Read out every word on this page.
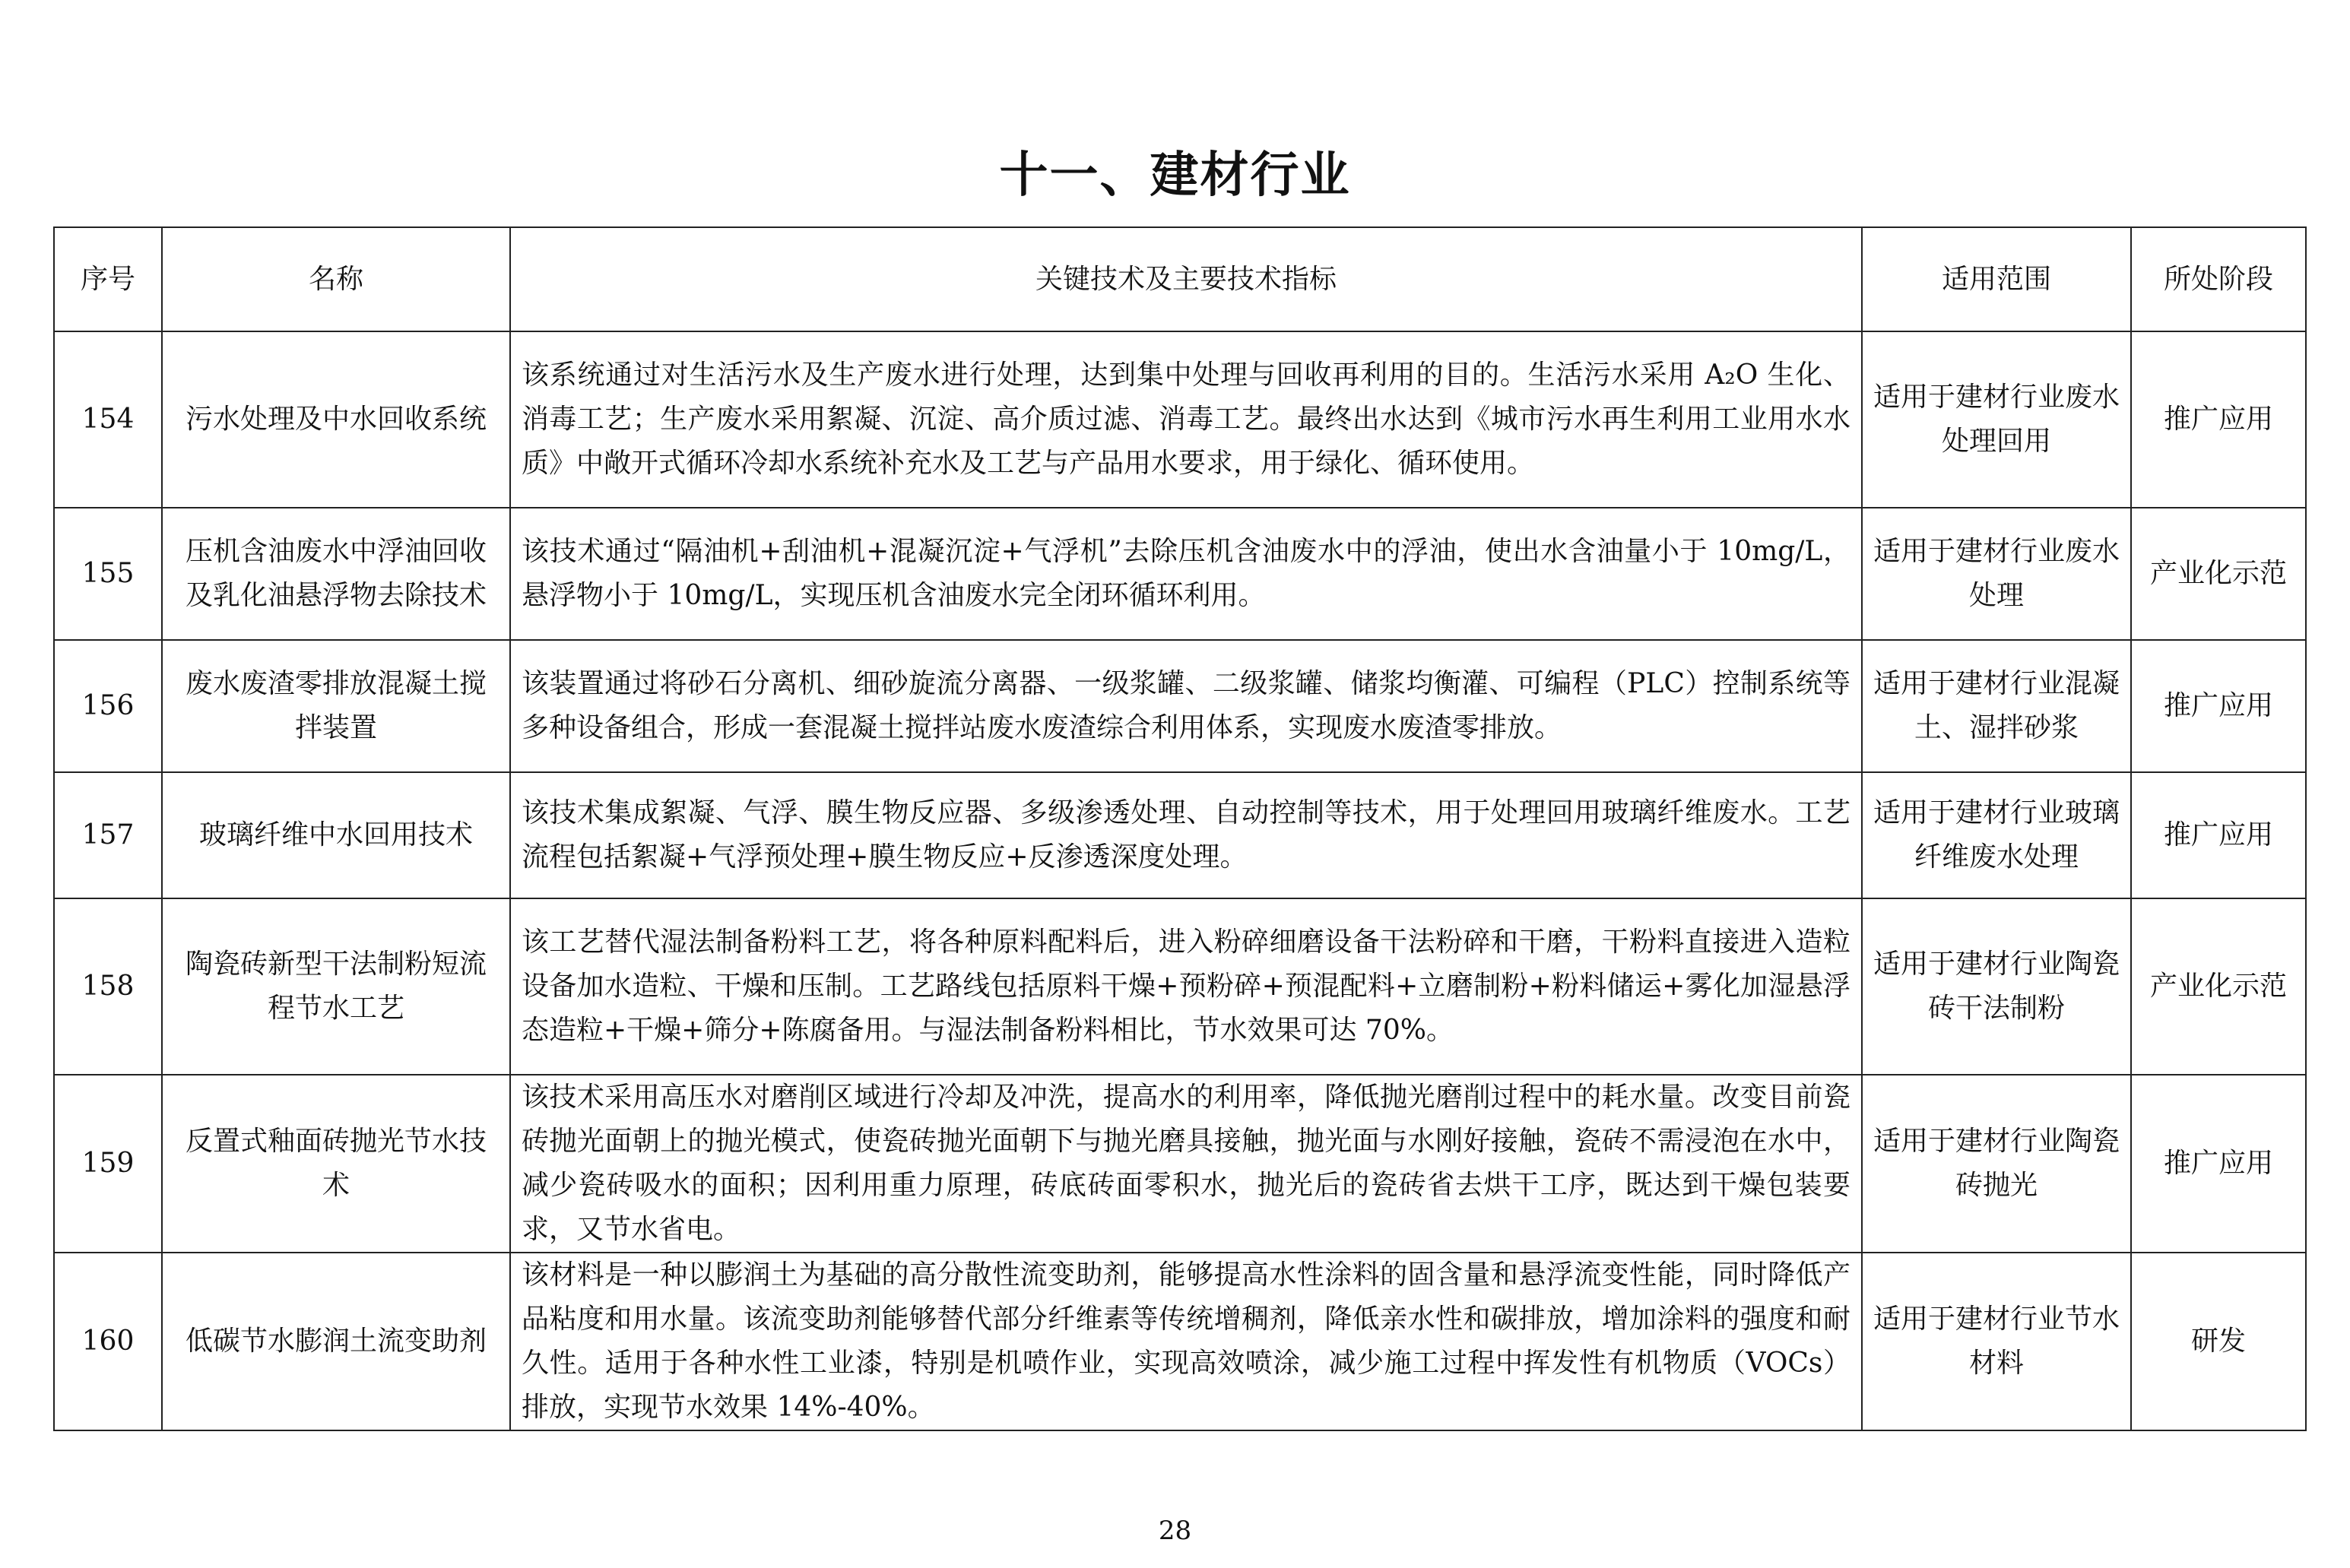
十一、建材行业
序号	名称	关键技术及主要技术指标	适用范围	所处阶段
154	污水处理及中水回收系统	该系统通过对生活污水及生产废水进行处理，达到集中处理与回收再利用的目的。生活污水采用 A₂O 生化、消毒工艺；生产废水采用絮凝、沉淀、高介质过滤、消毒工艺。最终出水达到《城市污水再生利用工业用水水质》中敞开式循环冷却水系统补充水及工艺与产品用水要求，用于绿化、循环使用。	适用于建材行业废水处理回用	推广应用
155	压机含油废水中浮油回收及乳化油悬浮物去除技术	该技术通过“隔油机+刮油机+混凝沉淀+气浮机”去除压机含油废水中的浮油，使出水含油量小于 10mg/L，悬浮物小于 10mg/L，实现压机含油废水完全闭环循环利用。	适用于建材行业废水处理	产业化示范
156	废水废渣零排放混凝土搅拌装置	该装置通过将砂石分离机、细砂旋流分离器、一级浆罐、二级浆罐、储浆均衡灌、可编程（PLC）控制系统等多种设备组合，形成一套混凝土搅拌站废水废渣综合利用体系，实现废水废渣零排放。	适用于建材行业混凝土、湿拌砂浆	推广应用
157	玻璃纤维中水回用技术	该技术集成絮凝、气浮、膜生物反应器、多级渗透处理、自动控制等技术，用于处理回用玻璃纤维废水。工艺流程包括絮凝+气浮预处理+膜生物反应+反渗透深度处理。	适用于建材行业玻璃纤维废水处理	推广应用
158	陶瓷砖新型干法制粉短流程节水工艺	该工艺替代湿法制备粉料工艺，将各种原料配料后，进入粉碎细磨设备干法粉碎和干磨，干粉料直接进入造粒设备加水造粒、干燥和压制。工艺路线包括原料干燥+预粉碎+预混配料+立磨制粉+粉料储运+雾化加湿悬浮态造粒+干燥+筛分+陈腐备用。与湿法制备粉料相比，节水效果可达 70%。	适用于建材行业陶瓷砖干法制粉	产业化示范
159	反置式釉面砖抛光节水技术	该技术采用高压水对磨削区域进行冷却及冲洗，提高水的利用率，降低抛光磨削过程中的耗水量。改变目前瓷砖抛光面朝上的抛光模式，使瓷砖抛光面朝下与抛光磨具接触，抛光面与水刚好接触，瓷砖不需浸泡在水中，减少瓷砖吸水的面积；因利用重力原理，砖底砖面零积水，抛光后的瓷砖省去烘干工序，既达到干燥包装要求，又节水省电。	适用于建材行业陶瓷砖抛光	推广应用
160	低碳节水膨润土流变助剂	该材料是一种以膨润土为基础的高分散性流变助剂，能够提高水性涂料的固含量和悬浮流变性能，同时降低产品粘度和用水量。该流变助剂能够替代部分纤维素等传统增稠剂，降低亲水性和碳排放，增加涂料的强度和耐久性。适用于各种水性工业漆，特别是机喷作业，实现高效喷涂，减少施工过程中挥发性有机物质（VOCs）排放，实现节水效果 14%-40%。	适用于建材行业节水材料	研发
28
